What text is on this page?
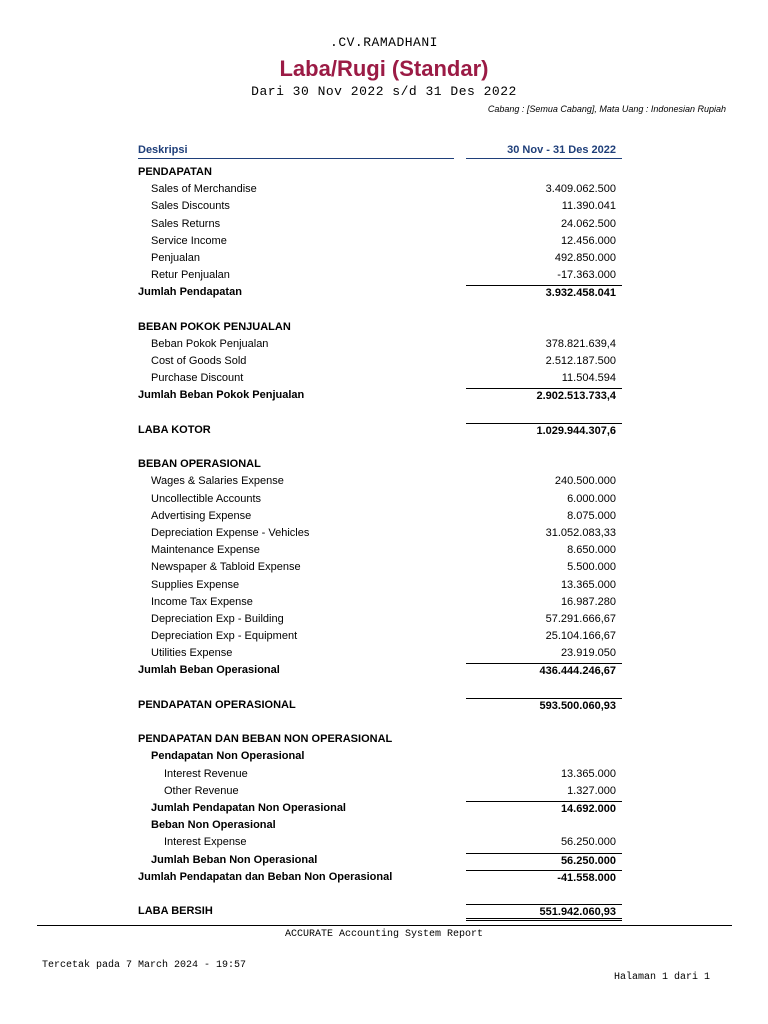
.CV.RAMADHANI
Laba/Rugi (Standar)
Dari 30 Nov 2022 s/d 31 Des 2022
Cabang : [Semua Cabang], Mata Uang : Indonesian Rupiah
Deskripsi	30 Nov - 31 Des 2022
PENDAPATAN
Sales of Merchandise	3.409.062.500
Sales Discounts	11.390.041
Sales Returns	24.062.500
Service Income	12.456.000
Penjualan	492.850.000
Retur Penjualan	-17.363.000
Jumlah Pendapatan	3.932.458.041
BEBAN POKOK PENJUALAN
Beban Pokok Penjualan	378.821.639,4
Cost of Goods Sold	2.512.187.500
Purchase Discount	11.504.594
Jumlah Beban Pokok Penjualan	2.902.513.733,4
LABA KOTOR	1.029.944.307,6
BEBAN OPERASIONAL
Wages & Salaries Expense	240.500.000
Uncollectible Accounts	6.000.000
Advertising Expense	8.075.000
Depreciation Expense - Vehicles	31.052.083,33
Maintenance Expense	8.650.000
Newspaper & Tabloid Expense	5.500.000
Supplies Expense	13.365.000
Income Tax Expense	16.987.280
Depreciation Exp - Building	57.291.666,67
Depreciation Exp - Equipment	25.104.166,67
Utilities Expense	23.919.050
Jumlah Beban Operasional	436.444.246,67
PENDAPATAN OPERASIONAL	593.500.060,93
PENDAPATAN DAN BEBAN NON OPERASIONAL
Pendapatan Non Operasional
Interest Revenue	13.365.000
Other Revenue	1.327.000
Jumlah Pendapatan Non Operasional	14.692.000
Beban Non Operasional
Interest Expense	56.250.000
Jumlah Beban Non Operasional	56.250.000
Jumlah Pendapatan dan Beban Non Operasional	-41.558.000
LABA BERSIH	551.942.060,93
ACCURATE Accounting System Report
Tercetak pada 7 March 2024 - 19:57
Halaman 1 dari 1
